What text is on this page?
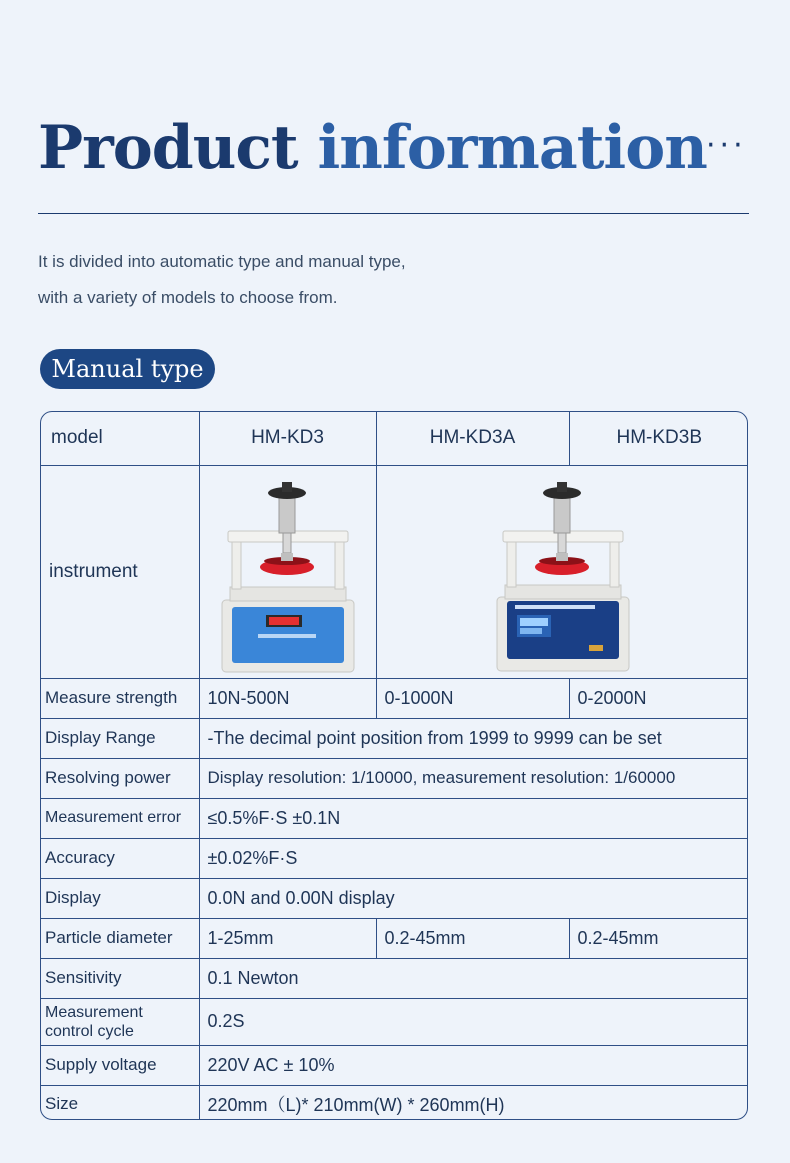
Product information ···

It is divided into automatic type and manual type,

with a variety of models to choose from.

Manual type
model	HM-KD3	HM-KD3A	HM-KD3B
instrument	

Measure strength	10N-500N	0-1000N	0-2000N
Display Range	-The decimal point position from 1999 to 9999 can be set		
Resolving power	Display resolution: 1/10000, measurement resolution: 1/60000		
Measurement error	≤0.5%F·S ±0.1N		
Accuracy	±0.02%F·S		
Display	0.0N and 0.00N display		
Particle diameter	1-25mm	0.2-45mm	0.2-45mm
Sensitivity	0.1 Newton		
Measurement control cycle	0.2S		
Supply voltage	220V AC ± 10%		
Size	220mm（L)* 210mm(W) * 260mm(H)		
